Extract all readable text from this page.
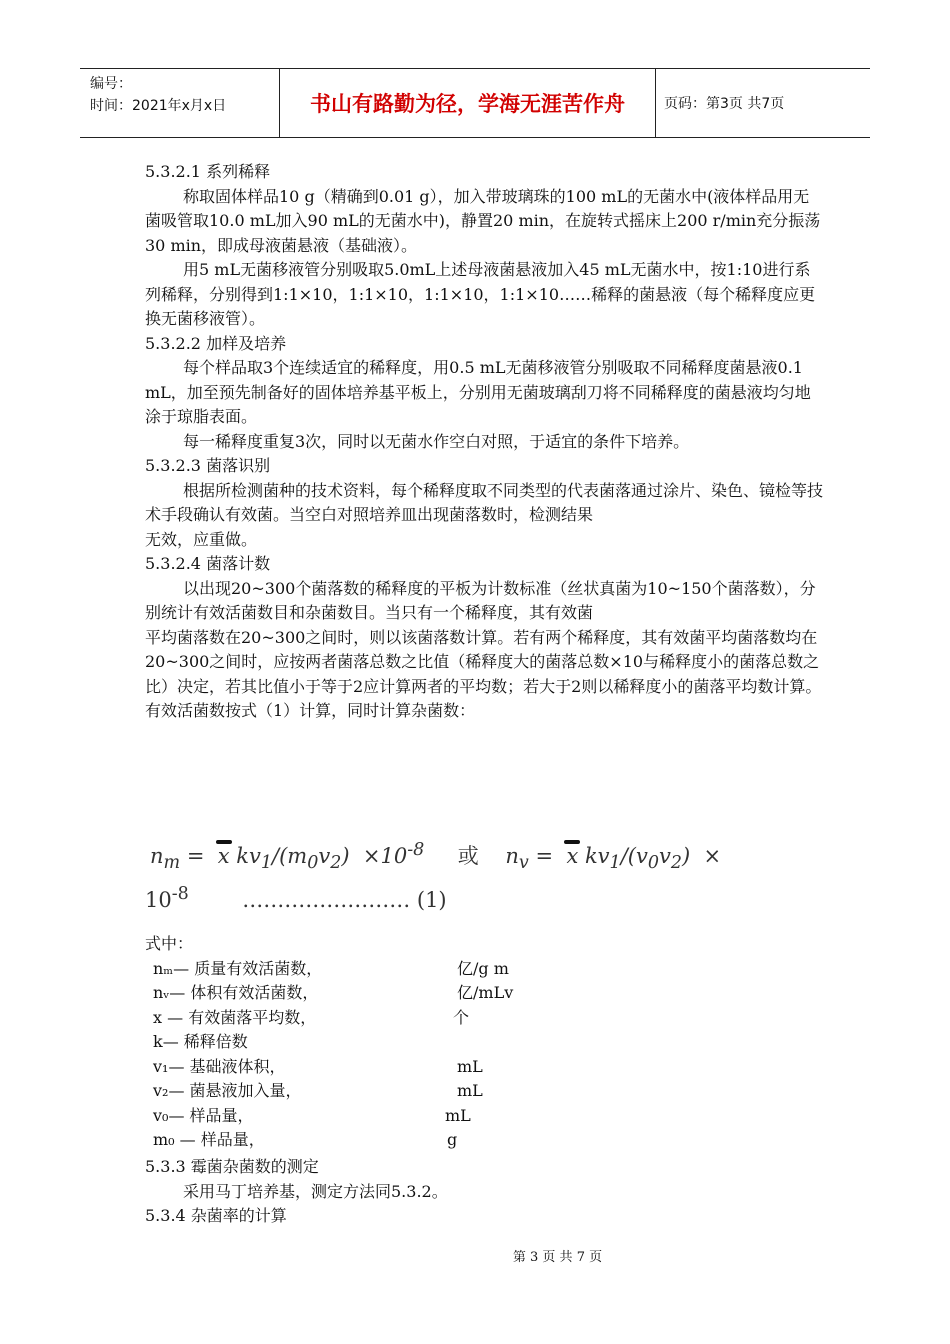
编号：
时间：2021年x月x日	书山有路勤为径，学海无涯苦作舟	页码：第3页 共7页

5.3.2.1 系列稀释

称取固体样品10 g（精确到0.01 g），加入带玻璃珠的100 mL的无菌水中(液体样品用无菌吸管取10.0 mL加入90 mL的无菌水中)，静置20 min，在旋转式摇床上200 r/min充分振荡30 min，即成母液菌悬液（基础液）。

用5 mL无菌移液管分别吸取5.0mL上述母液菌悬液加入45 mL无菌水中，按1:10进行系列稀释，分别得到1:1×10，1:1×10，1:1×10，1:1×10……稀释的菌悬液（每个稀释度应更换无菌移液管）。

5.3.2.2 加样及培养

每个样品取3个连续适宜的稀释度，用0.5 mL无菌移液管分别吸取不同稀释度菌悬液0.1 mL，加至预先制备好的固体培养基平板上，分别用无菌玻璃刮刀将不同稀释度的菌悬液均匀地涂于琼脂表面。

每一稀释度重复3次，同时以无菌水作空白对照，于适宜的条件下培养。

5.3.2.3 菌落识别

根据所检测菌种的技术资料，每个稀释度取不同类型的代表菌落通过涂片、染色、镜检等技术手段确认有效菌。当空白对照培养皿出现菌落数时，检测结果

无效，应重做。

5.3.2.4 菌落计数

以出现20~300个菌落数的稀释度的平板为计数标准（丝状真菌为10~150个菌落数），分别统计有效活菌数目和杂菌数目。当只有一个稀释度，其有效菌

平均菌落数在20~300之间时，则以该菌落数计算。若有两个稀释度，其有效菌平均菌落数均在20~300之间时，应按两者菌落总数之比值（稀释度大的菌落总数×10与稀释度小的菌落总数之比）决定，若其比值小于等于2应计算两者的平均数；若大于2则以稀释度小的菌落平均数计算。有效活菌数按式（1）计算，同时计算杂菌数：

$n_m = x$ $kv_1/(m_0v_2) \times 10^{-8}$ 或    $n_v = x$ $kv_1/(v_0v_2)$  ×
$10^{-8}$        …………………… (1)
式中：
nₘ— 质量有效活菌数，	亿/g m
nᵥ— 体积有效活菌数，	亿/mLv
x — 有效菌落平均数，	个
k— 稀释倍数
v₁— 基础液体积，	mL
v₂— 菌悬液加入量，	mL
v₀— 样品量，	mL
m₀ — 样品量，	g

5.3.3 霉菌杂菌数的测定

采用马丁培养基，测定方法同5.3.2。

5.3.4 杂菌率的计算

第 3 页 共 7 页
